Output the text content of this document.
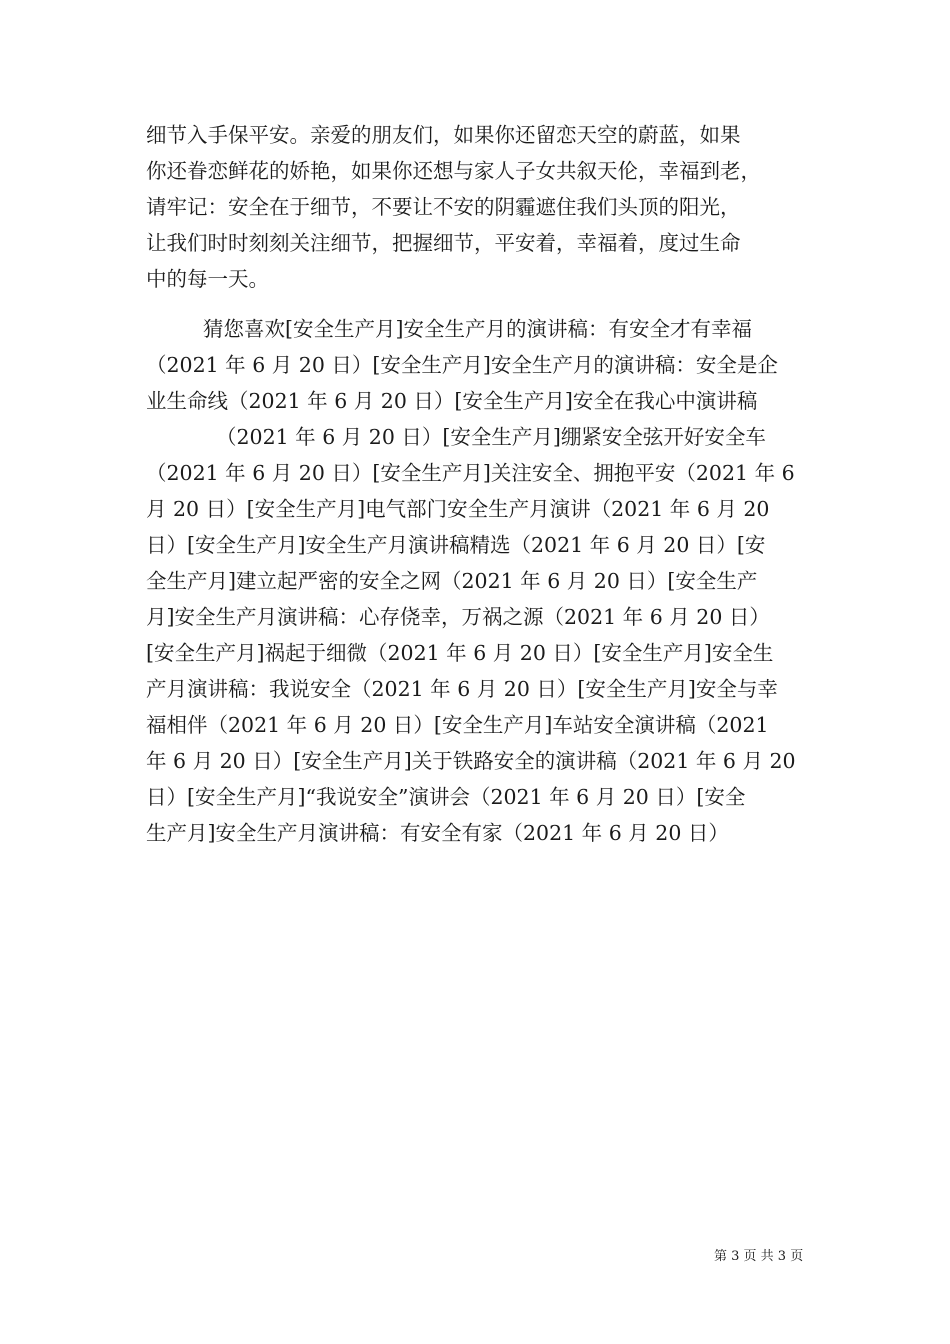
细节入手保平安。亲爱的朋友们，如果你还留恋天空的蔚蓝，如果
你还眷恋鲜花的娇艳，如果你还想与家人子女共叙天伦，幸福到老，
请牢记：安全在于细节，不要让不安的阴霾遮住我们头顶的阳光，
让我们时时刻刻关注细节，把握细节，平安着，幸福着，度过生命
中的每一天。
猜您喜欢[安全生产月]安全生产月的演讲稿：有安全才有幸福
（2021 年 6 月 20 日）[安全生产月]安全生产月的演讲稿：安全是企
业生命线（2021 年 6 月 20 日）[安全生产月]安全在我心中演讲稿
（2021 年 6 月 20 日）[安全生产月]绷紧安全弦开好安全车
（2021 年 6 月 20 日）[安全生产月]关注安全、拥抱平安（2021 年 6
月 20 日）[安全生产月]电气部门安全生产月演讲（2021 年 6 月 20
日）[安全生产月]安全生产月演讲稿精选（2021 年 6 月 20 日）[安
全生产月]建立起严密的安全之网（2021 年 6 月 20 日）[安全生产
月]安全生产月演讲稿：心存侥幸，万祸之源（2021 年 6 月 20 日）
[安全生产月]祸起于细微（2021 年 6 月 20 日）[安全生产月]安全生
产月演讲稿：我说安全（2021 年 6 月 20 日）[安全生产月]安全与幸
福相伴（2021 年 6 月 20 日）[安全生产月]车站安全演讲稿（2021
年 6 月 20 日）[安全生产月]关于铁路安全的演讲稿（2021 年 6 月 20
日）[安全生产月]“我说安全”演讲会（2021 年 6 月 20 日）[安全
生产月]安全生产月演讲稿：有安全有家（2021 年 6 月 20 日）
第 3 页 共 3 页
